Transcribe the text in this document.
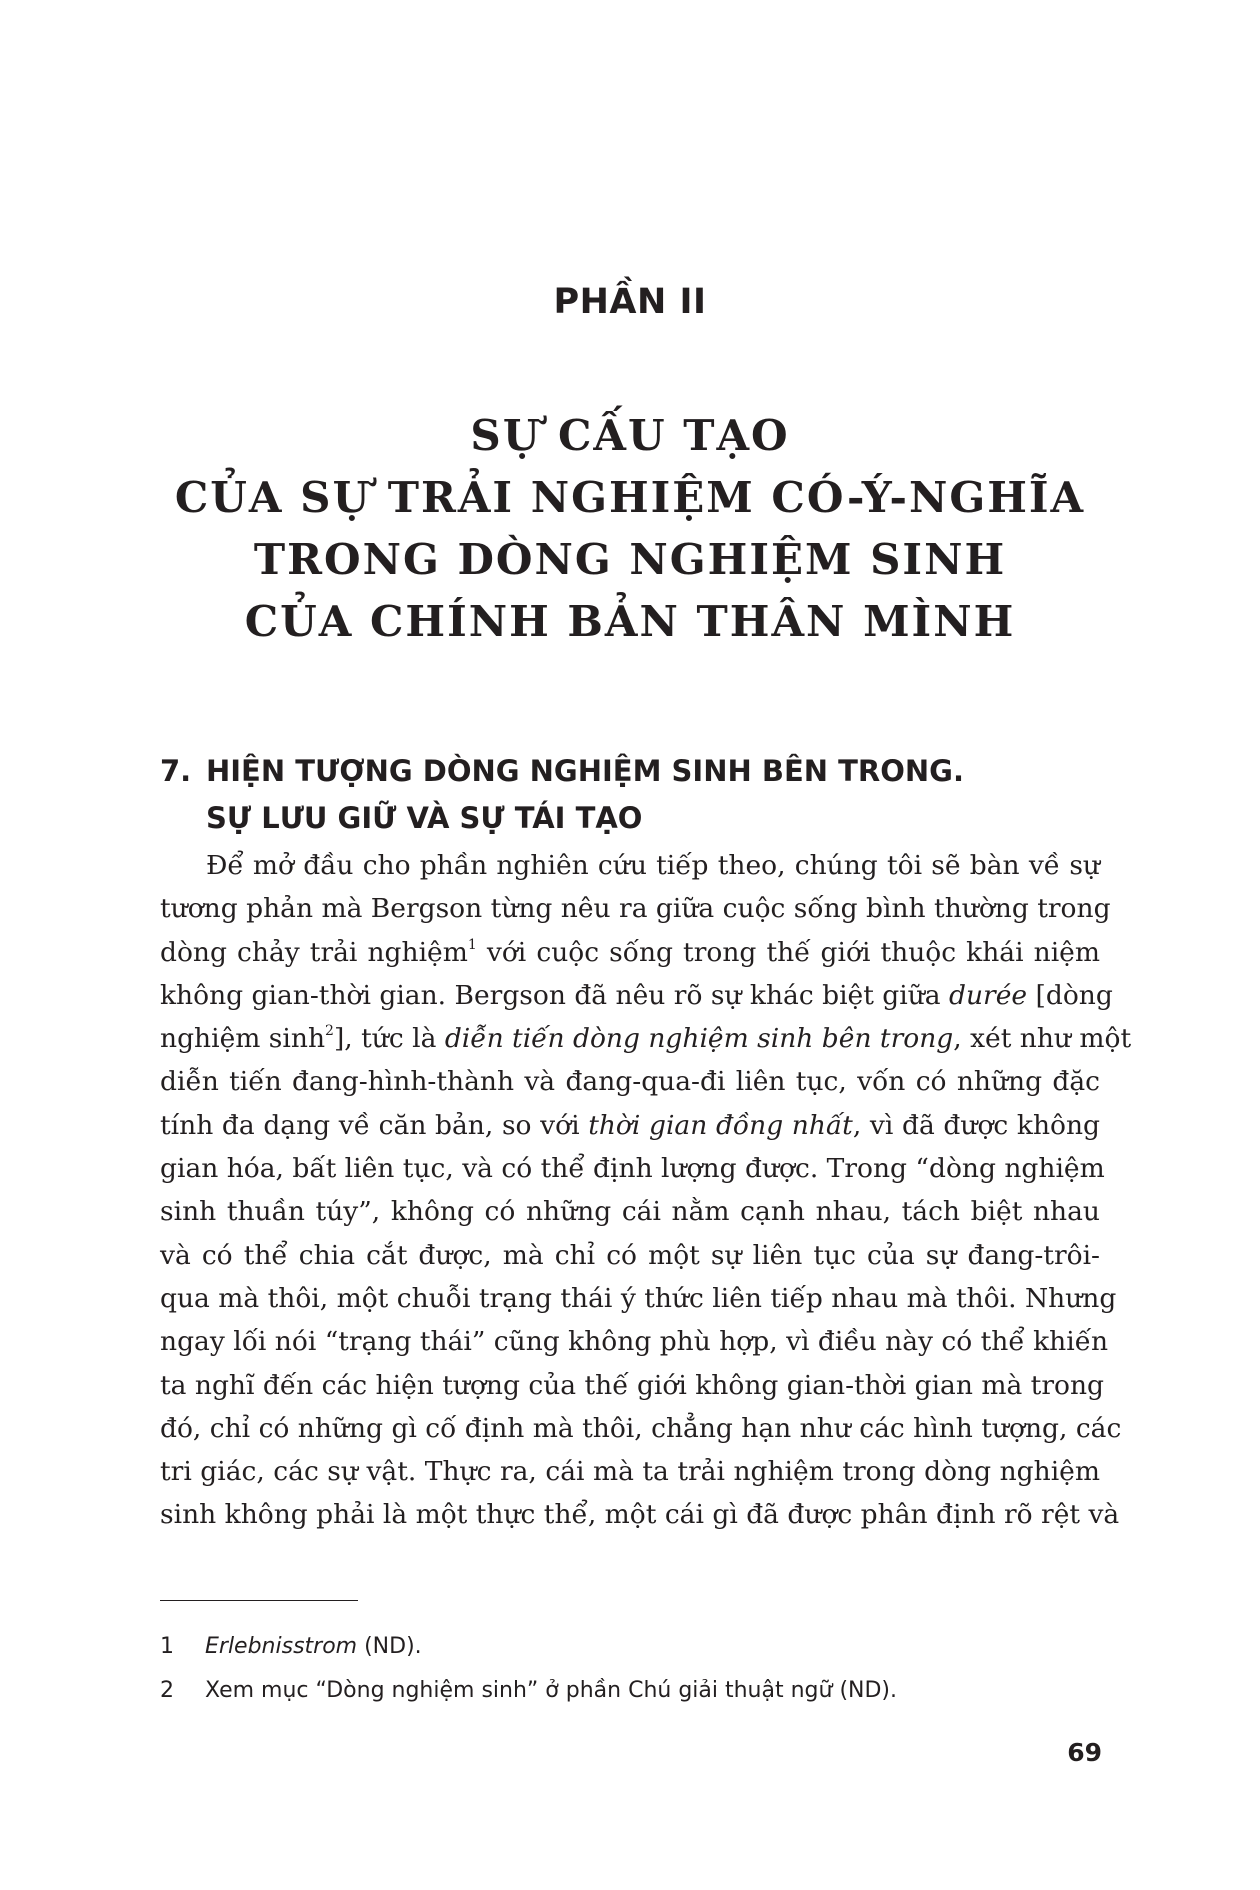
PHẦN II
SỰ CẤU TẠO
CỦA SỰ TRẢI NGHIỆM CÓ-Ý-NGHĨA
TRONG DÒNG NGHIỆM SINH
CỦA CHÍNH BẢN THÂN MÌNH
7. HIỆN TƯỢNG DÒNG NGHIỆM SINH BÊN TRONG.
SỰ LƯU GIỮ VÀ SỰ TÁI TẠO
Để mở đầu cho phần nghiên cứu tiếp theo, chúng tôi sẽ bàn về sự
tương phản mà Bergson từng nêu ra giữa cuộc sống bình thường trong
dòng chảy trải nghiệm$^1$ với cuộc sống trong thế giới thuộc khái niệm
không gian-thời gian. Bergson đã nêu rõ sự khác biệt giữa durée [dòng
nghiệm $\sinh^2$], tức là diễn tiến dòng nghiệm sinh bên trong, xét như một
diễn tiến đang-hình-thành và đang-qua-đi liên tục, vốn có những đặc
tính đa dạng về căn bản, so với thời gian đồng nhất, vì đã được không
gian hóa, bất liên tục, và có thể định lượng được. Trong “dòng nghiệm
sinh thuần túy”, không có những cái nằm cạnh nhau, tách biệt nhau
và có thể chia cắt được, mà chỉ có một sự liên tục của sự đang-trôi-
qua mà thôi, một chuỗi trạng thái ý thức liên tiếp nhau mà thôi. Nhưng
ngay lối nói “trạng thái” cũng không phù hợp, vì điều này có thể khiến
ta nghĩ đến các hiện tượng của thế giới không gian-thời gian mà trong
đó, chỉ có những gì cố định mà thôi, chẳng hạn như các hình tượng, các
tri giác, các sự vật. Thực ra, cái mà ta trải nghiệm trong dòng nghiệm
sinh không phải là một thực thể, một cái gì đã được phân định rõ rệt và
1 Erlebnisstrom (ND).
2 Xem mục “Dòng nghiệm sinh” ở phần Chú giải thuật ngữ (ND).
69
